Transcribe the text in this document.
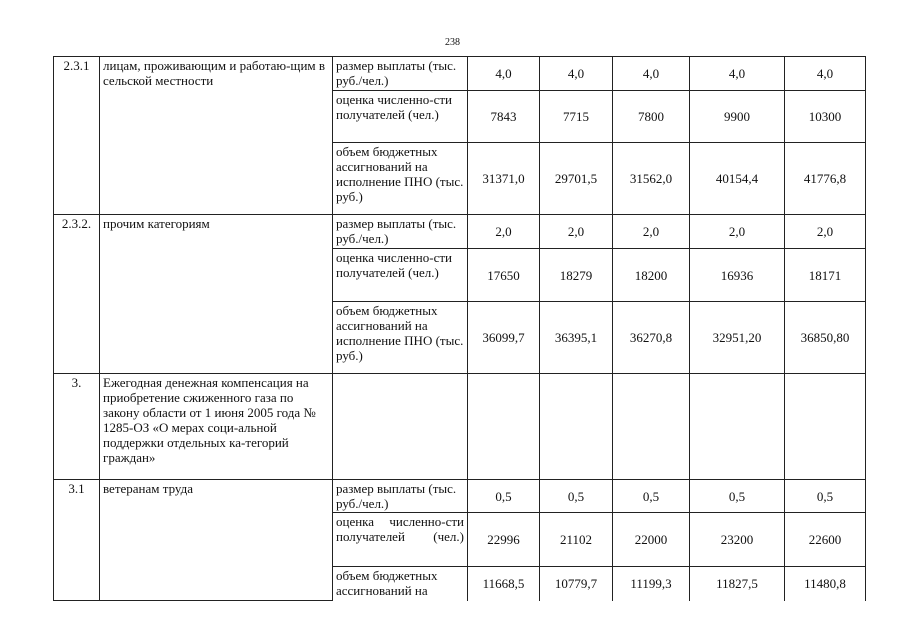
238
2.3.1	лицам, проживающим и работаю-щим в сельской местности	размер выплаты (тыс. руб./чел.)	4,0	4,0	4,0	4,0	4,0
		оценка численно-сти получателей (чел.)	7843	7715	7800	9900	10300
		объем бюджетных ассигнований на исполнение ПНО (тыс. руб.)	31371,0	29701,5	31562,0	40154,4	41776,8
2.3.2.	прочим категориям	размер выплаты (тыс. руб./чел.)	2,0	2,0	2,0	2,0	2,0
		оценка численно-сти получателей (чел.)	17650	18279	18200	16936	18171
		объем бюджетных ассигнований на исполнение ПНО (тыс. руб.)	36099,7	36395,1	36270,8	32951,20	36850,80
3.	Ежегодная денежная компенсация на приобретение сжиженного газа по закону области от 1 июня 2005 года № 1285-ОЗ «О мерах соци-альной поддержки отдельных ка-тегорий граждан»						
3.1	ветеранам труда	размер выплаты (тыс. руб./чел.)	0,5	0,5	0,5	0,5	0,5
		оценка численно-сти получателей (чел.)	22996	21102	22000	23200	22600
		объем бюджетных ассигнований на	11668,5	10779,7	11199,3	11827,5	11480,8
